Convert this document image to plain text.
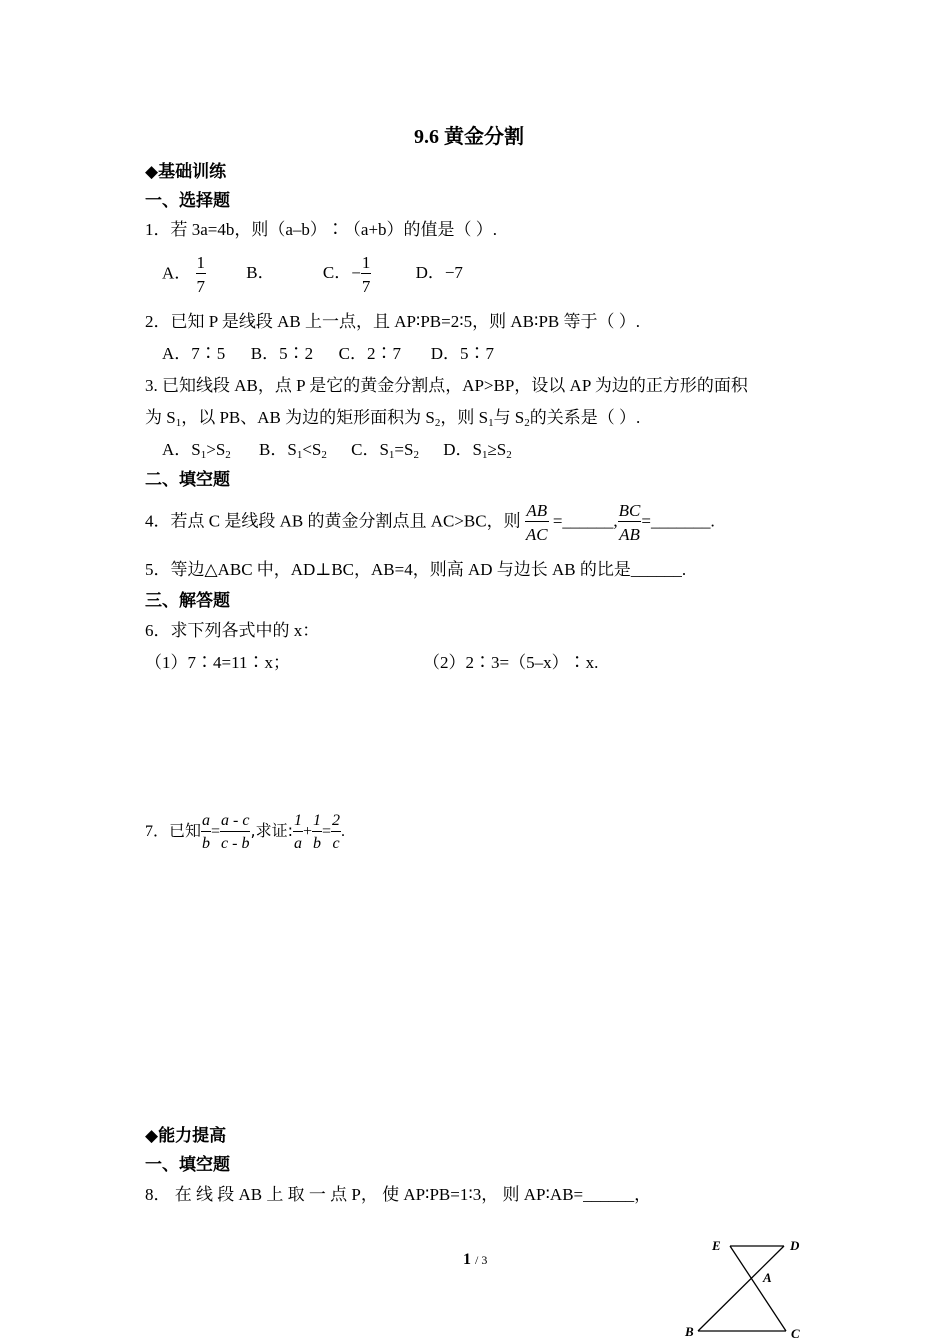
9.6 黄金分割
◆基础训练
一、选择题
1．若 3a=4b，则（a–b）∶（a+b）的值是（ ）.
A． $\frac{1}{7}$ B．	C．− $\frac{1}{7}$	D．−7
2．已知 P 是线段 AB 上一点，且 AP∶PB=2∶5，则 AB∶PB 等于（ ）.
A．7∶5      B．5∶2      C．2∶7       D．5∶7
3. 已知线段 AB，点 P 是它的黄金分割点，AP>BP，设以 AP 为边的正方形的面积
为 $S_1$，以 PB、AB 为边的矩形面积为 $S_2$，则 $S_1$与 $S_2$的关系是（ ）.
A．$S_1>S_2$ B．$S_1<S_2$ C．$S_1=S_2$ D．$S_1\ge S_2$
二、填空题
4．若点 C 是线段 AB 的黄金分割点且 AC>BC，则 $\frac{AB}{AC}$ =______, $\frac{BC}{AB}$ =_______.
5．等边△ABC 中，AD⊥BC，AB=4，则高 AD 与边长 AB 的比是______.
三、解答题
6．求下列各式中的 x：
（1）7∶4=11∶x；	（2）2∶3=（5–x）∶x.
7．已知 $\frac{a}{b} = \frac{a - c}{c - b}$ ,求证: $\frac{1}{a} + \frac{1}{b} = \frac{2}{c}$ .
◆能力提高
一、填空题
8． 在 线 段 AB 上 取 一 点 P， 使 AP∶PB=1∶3， 则 AP∶AB=______，
1 / 3
E	D
A
B	C
